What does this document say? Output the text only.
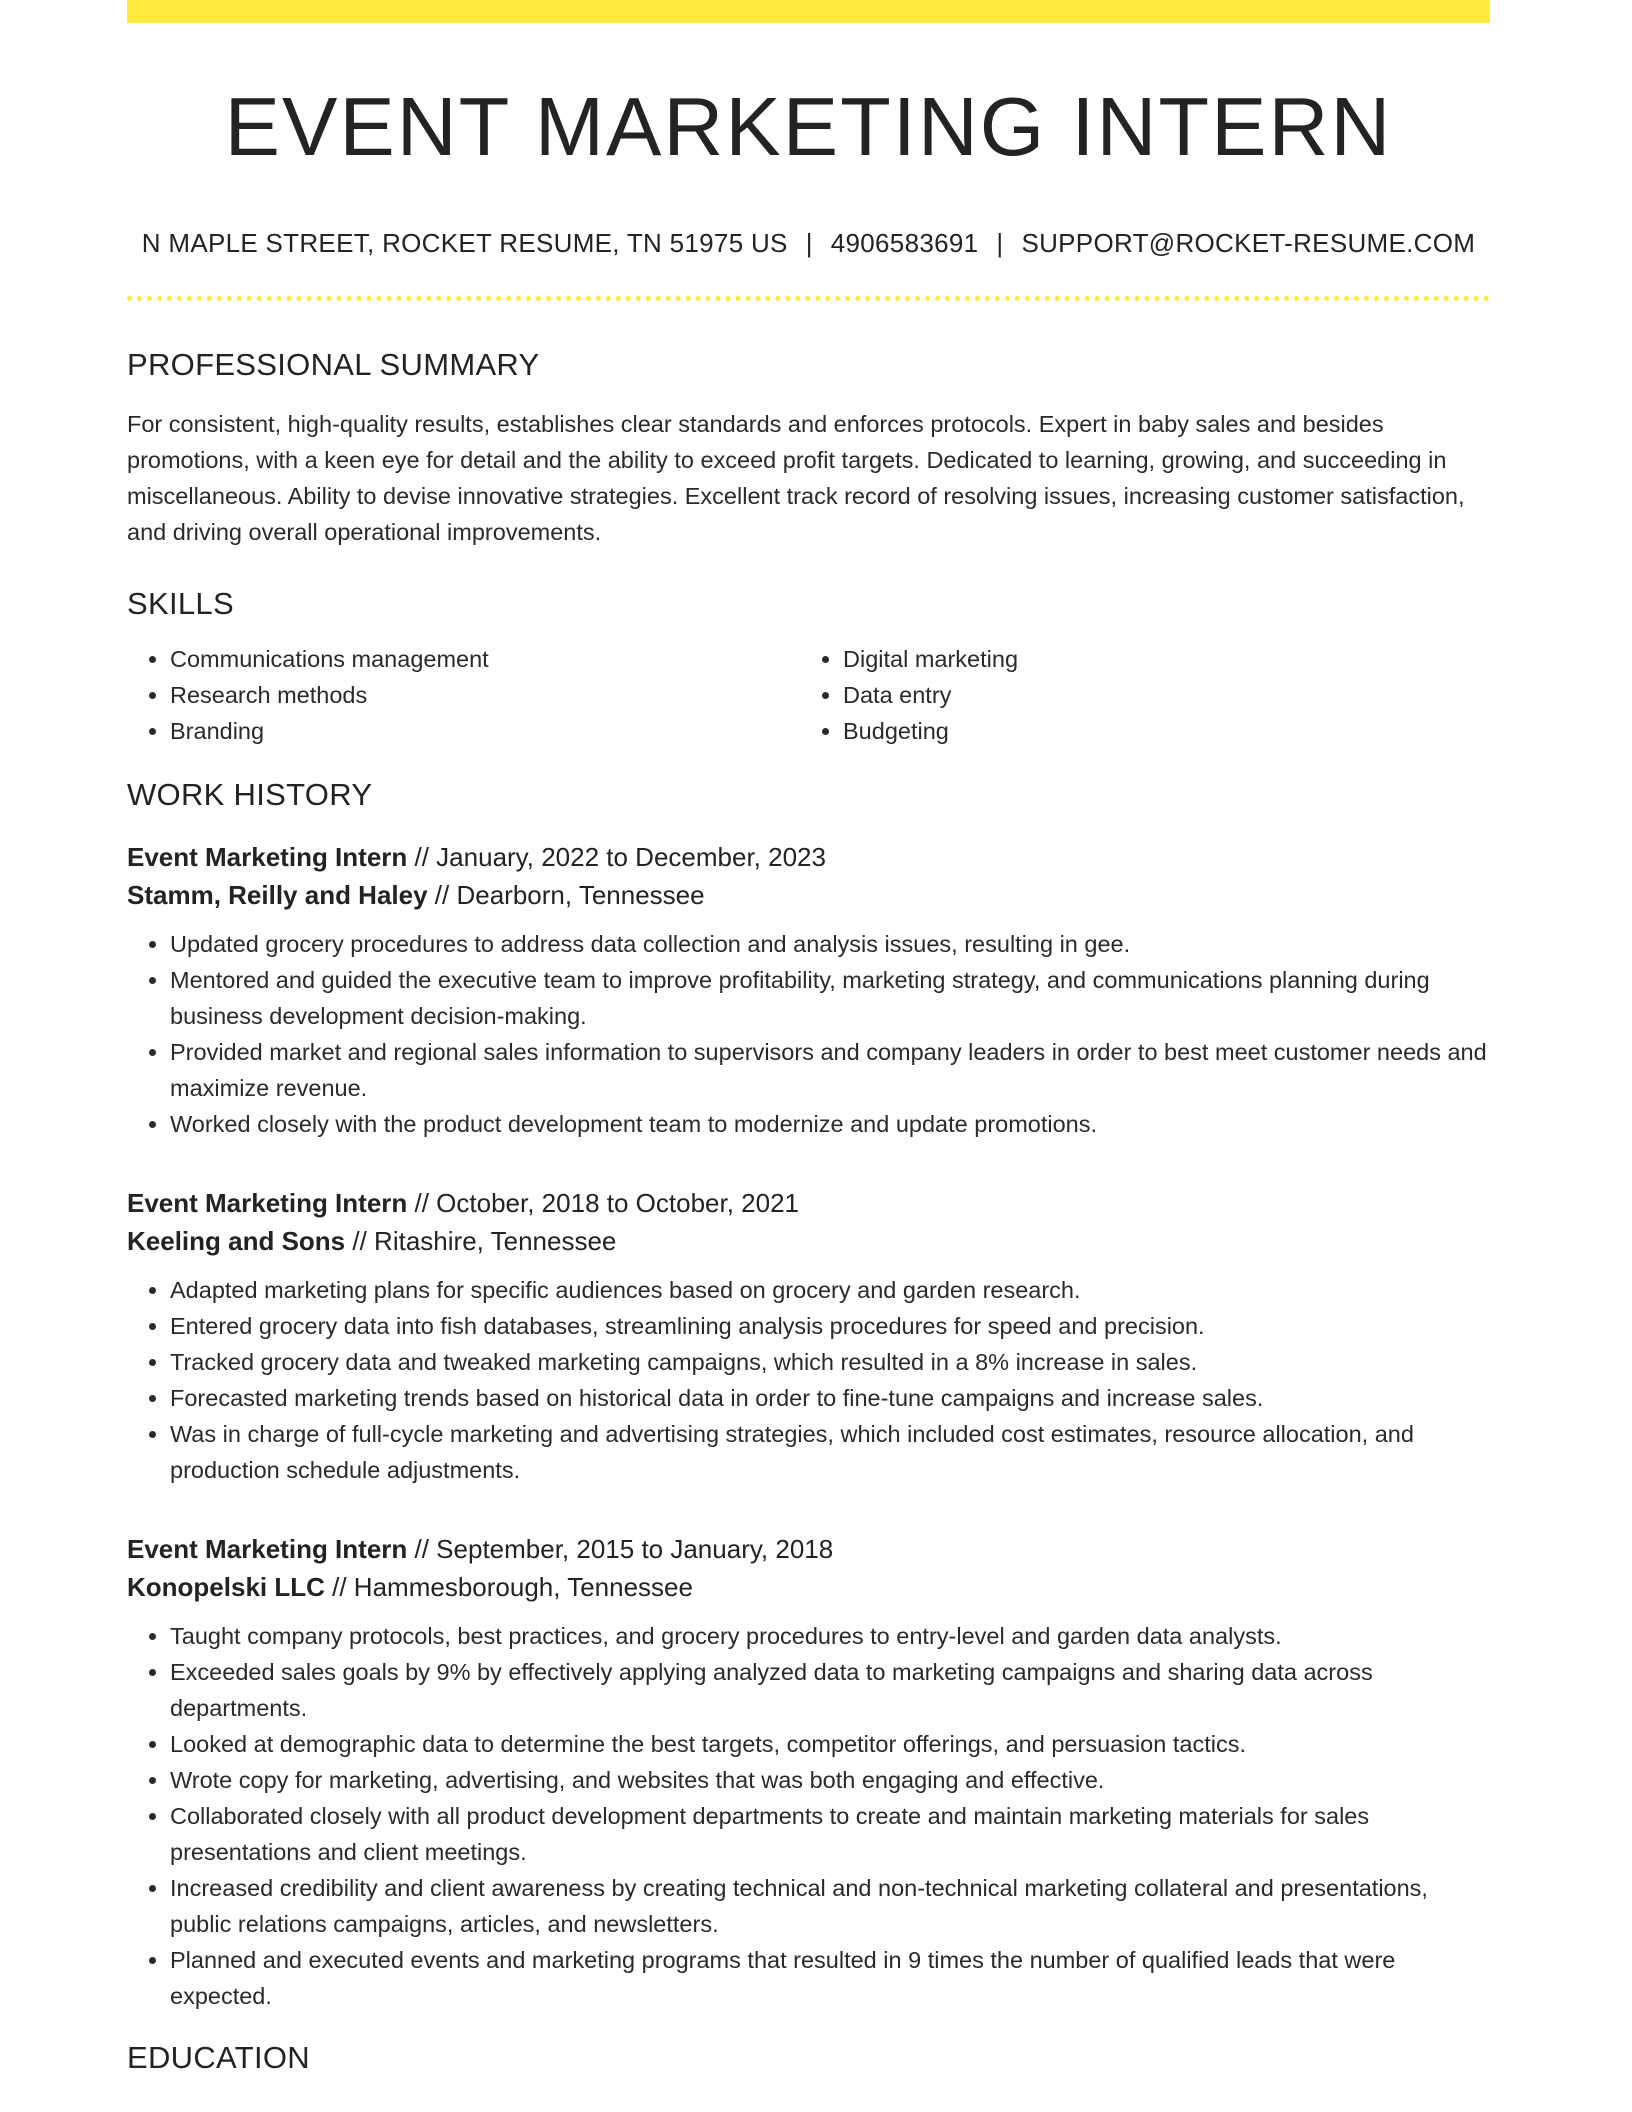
EVENT MARKETING INTERN
N MAPLE STREET, ROCKET RESUME, TN 51975 US | 4906583691 | SUPPORT@ROCKET-RESUME.COM
PROFESSIONAL SUMMARY

For consistent, high-quality results, establishes clear standards and enforces protocols. Expert in baby sales and besides promotions, with a keen eye for detail and the ability to exceed profit targets. Dedicated to learning, growing, and succeeding in miscellaneous. Ability to devise innovative strategies. Excellent track record of resolving issues, increasing customer satisfaction, and driving overall operational improvements.

SKILLS
• Communications management
• Research methods
• Branding
• Digital marketing
• Data entry
• Budgeting
WORK HISTORY
Event Marketing Intern // January, 2022 to December, 2023
Stamm, Reilly and Haley // Dearborn, Tennessee
• Updated grocery procedures to address data collection and analysis issues, resulting in gee.
• Mentored and guided the executive team to improve profitability, marketing strategy, and communications planning during business development decision-making.
• Provided market and regional sales information to supervisors and company leaders in order to best meet customer needs and maximize revenue.
• Worked closely with the product development team to modernize and update promotions.
Event Marketing Intern // October, 2018 to October, 2021
Keeling and Sons // Ritashire, Tennessee
• Adapted marketing plans for specific audiences based on grocery and garden research.
• Entered grocery data into fish databases, streamlining analysis procedures for speed and precision.
• Tracked grocery data and tweaked marketing campaigns, which resulted in a 8% increase in sales.
• Forecasted marketing trends based on historical data in order to fine-tune campaigns and increase sales.
• Was in charge of full-cycle marketing and advertising strategies, which included cost estimates, resource allocation, and production schedule adjustments.
Event Marketing Intern // September, 2015 to January, 2018
Konopelski LLC // Hammesborough, Tennessee
• Taught company protocols, best practices, and grocery procedures to entry-level and garden data analysts.
• Exceeded sales goals by 9% by effectively applying analyzed data to marketing campaigns and sharing data across departments.
• Looked at demographic data to determine the best targets, competitor offerings, and persuasion tactics.
• Wrote copy for marketing, advertising, and websites that was both engaging and effective.
• Collaborated closely with all product development departments to create and maintain marketing materials for sales presentations and client meetings.
• Increased credibility and client awareness by creating technical and non-technical marketing collateral and presentations, public relations campaigns, articles, and newsletters.
• Planned and executed events and marketing programs that resulted in 9 times the number of qualified leads that were expected.
EDUCATION
